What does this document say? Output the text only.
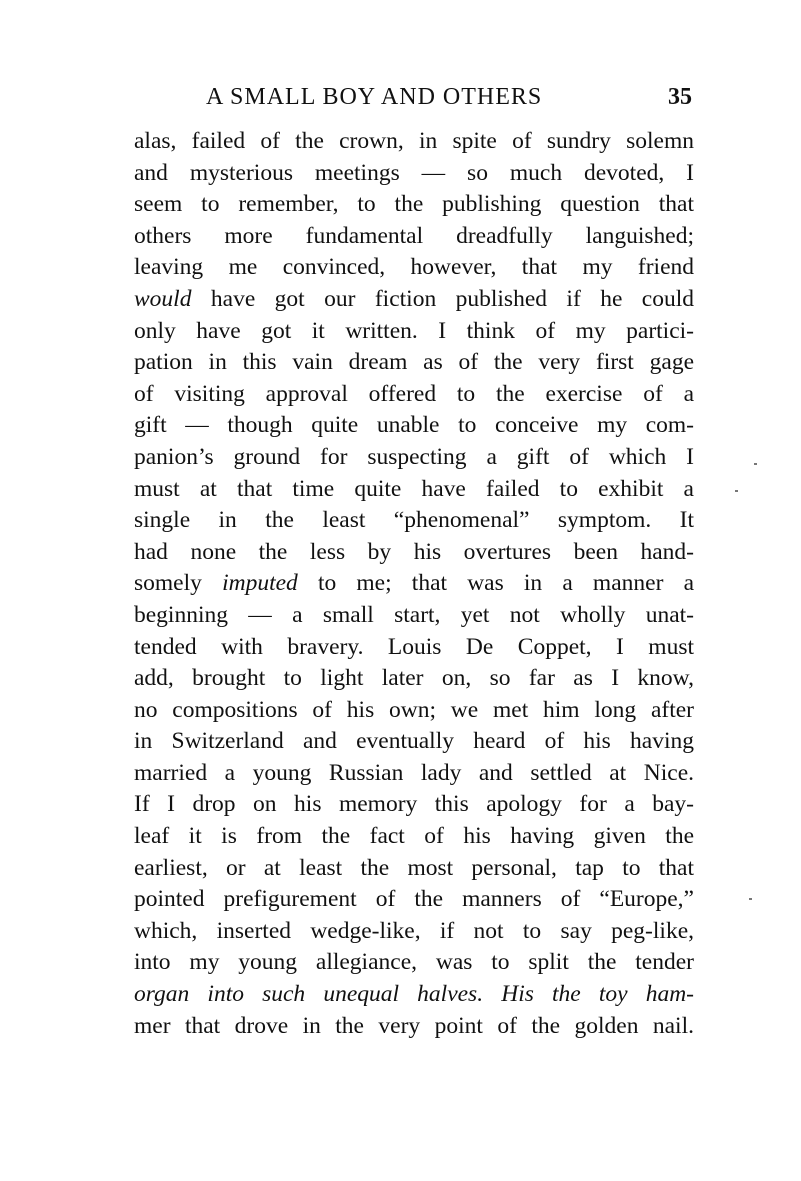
A SMALL BOY AND OTHERS	35
alas, failed of the crown, in spite of sundry solemn
and mysterious meetings — so much devoted, I
seem to remember, to the publishing question that
others more fundamental dreadfully languished;
leaving me convinced, however, that my friend
would have got our fiction published if he could
only have got it written. I think of my partici-
pation in this vain dream as of the very first gage
of visiting approval offered to the exercise of a
gift — though quite unable to conceive my com-
panion’s ground for suspecting a gift of which I
must at that time quite have failed to exhibit a
single in the least “phenomenal” symptom. It
had none the less by his overtures been hand-
somely imputed to me; that was in a manner a
beginning — a small start, yet not wholly unat-
tended with bravery. Louis De Coppet, I must
add, brought to light later on, so far as I know,
no compositions of his own; we met him long after
in Switzerland and eventually heard of his having
married a young Russian lady and settled at Nice.
If I drop on his memory this apology for a bay-
leaf it is from the fact of his having given the
earliest, or at least the most personal, tap to that
pointed prefigurement of the manners of “Europe,”
which, inserted wedge-like, if not to say peg-like,
into my young allegiance, was to split the tender
organ into such unequal halves. His the toy ham-
mer that drove in the very point of the golden nail.
